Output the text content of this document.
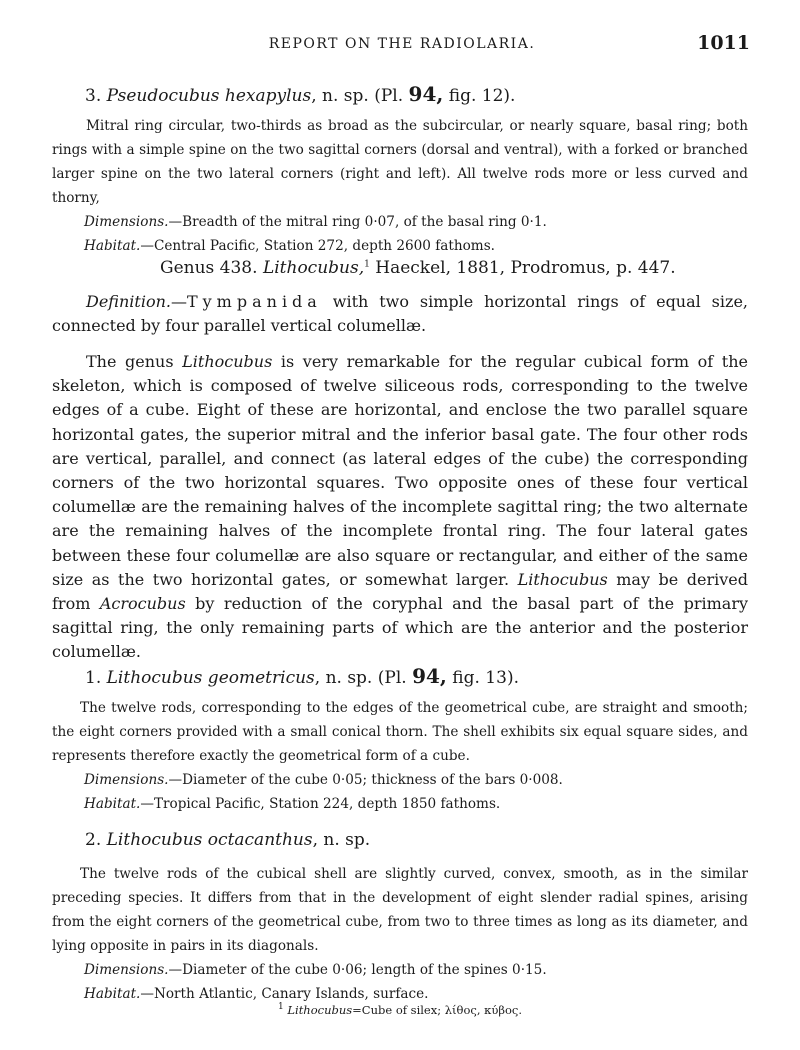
REPORT ON THE RADIOLARIA.	1011
3. Pseudocubus hexapylus, n. sp. (Pl. 94, fig. 12).

Mitral ring circular, two-thirds as broad as the subcircular, or nearly square, basal ring; both rings with a simple spine on the two sagittal corners (dorsal and ventral), with a forked or branched larger spine on the two lateral corners (right and left). All twelve rods more or less curved and thorny,

Dimensions.—Breadth of the mitral ring 0·07, of the basal ring 0·1.

Habitat.—Central Pacific, Station 272, depth 2600 fathoms.

Genus 438. Lithocubus,$^1$ Haeckel, 1881, Prodromus, p. 447.

Definition.—Tympanida with two simple horizontal rings of equal size, connected by four parallel vertical columellæ.

The genus Lithocubus is very remarkable for the regular cubical form of the skeleton, which is composed of twelve siliceous rods, corresponding to the twelve edges of a cube. Eight of these are horizontal, and enclose the two parallel square horizontal gates, the superior mitral and the inferior basal gate. The four other rods are vertical, parallel, and connect (as lateral edges of the cube) the corresponding corners of the two horizontal squares. Two opposite ones of these four vertical columellæ are the remaining halves of the incomplete sagittal ring; the two alternate are the remaining halves of the incomplete frontal ring. The four lateral gates between these four columellæ are also square or rectangular, and either of the same size as the two horizontal gates, or somewhat larger. Lithocubus may be derived from Acrocubus by reduction of the coryphal and the basal part of the primary sagittal ring, the only remaining parts of which are the anterior and the posterior columellæ.

1. Lithocubus geometricus, n. sp. (Pl. 94, fig. 13).

The twelve rods, corresponding to the edges of the geometrical cube, are straight and smooth; the eight corners provided with a small conical thorn. The shell exhibits six equal square sides, and represents therefore exactly the geometrical form of a cube.

Dimensions.—Diameter of the cube 0·05; thickness of the bars 0·008.

Habitat.—Tropical Pacific, Station 224, depth 1850 fathoms.

2. Lithocubus octacanthus, n. sp.

The twelve rods of the cubical shell are slightly curved, convex, smooth, as in the similar preceding species. It differs from that in the development of eight slender radial spines, arising from the eight corners of the geometrical cube, from two to three times as long as its diameter, and lying opposite in pairs in its diagonals.

Dimensions.—Diameter of the cube 0·06; length of the spines 0·15.

Habitat.—North Atlantic, Canary Islands, surface.

$^1$ Lithocubus=Cube of silex; λίθος, κύβος.
